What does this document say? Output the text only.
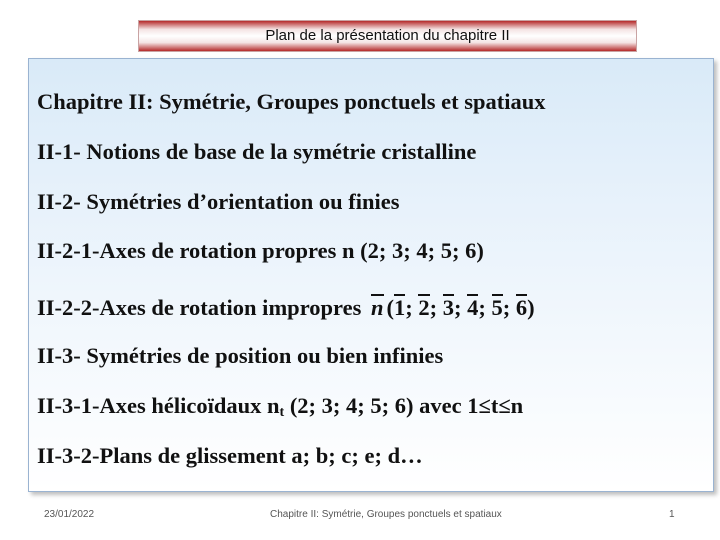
Plan de la présentation du chapitre II
Chapitre II: Symétrie, Groupes ponctuels et spatiaux
II-1- Notions de base de la symétrie cristalline
II-2- Symétries d’orientation ou finies
II-2-1-Axes de rotation propres n (2; 3; 4; 5; 6)
II-2-2-Axes de rotation impropres n (1; 2; 3; 4; 5; 6)
II-3- Symétries de position ou bien infinies
II-3-1-Axes hélicoïdaux $n_t$ (2; 3; 4; 5; 6) avec 1≤t≤n
II-3-2-Plans de glissement a; b; c; e; d…
23/01/2022	Chapitre II: Symétrie, Groupes ponctuels et spatiaux	1
